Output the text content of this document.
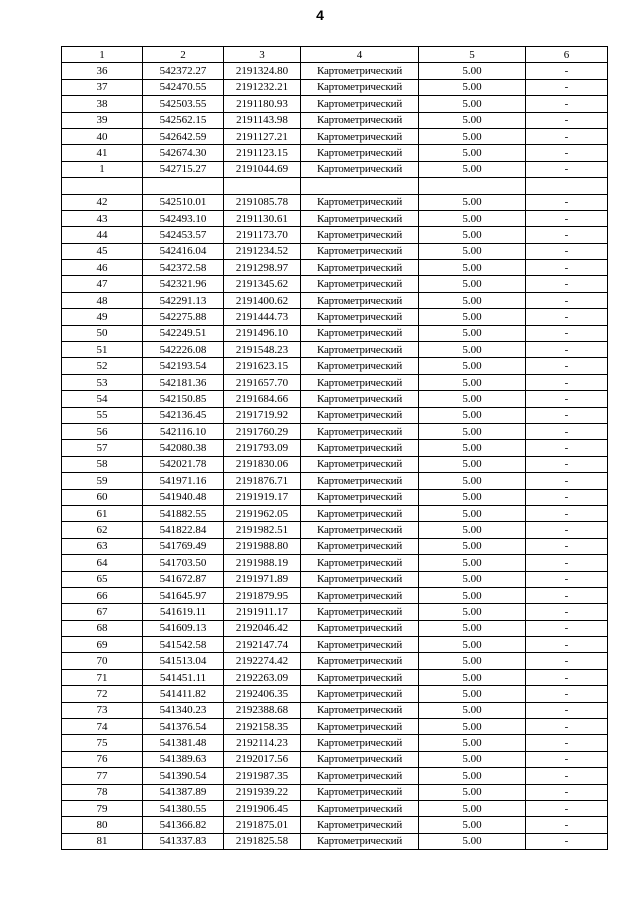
4
1	2	3	4	5	6
36	542372.27	2191324.80	Картометрический	5.00	-
37	542470.55	2191232.21	Картометрический	5.00	-
38	542503.55	2191180.93	Картометрический	5.00	-
39	542562.15	2191143.98	Картометрический	5.00	-
40	542642.59	2191127.21	Картометрический	5.00	-
41	542674.30	2191123.15	Картометрический	5.00	-
1	542715.27	2191044.69	Картометрический	5.00	-

42	542510.01	2191085.78	Картометрический	5.00	-
43	542493.10	2191130.61	Картометрический	5.00	-
44	542453.57	2191173.70	Картометрический	5.00	-
45	542416.04	2191234.52	Картометрический	5.00	-
46	542372.58	2191298.97	Картометрический	5.00	-
47	542321.96	2191345.62	Картометрический	5.00	-
48	542291.13	2191400.62	Картометрический	5.00	-
49	542275.88	2191444.73	Картометрический	5.00	-
50	542249.51	2191496.10	Картометрический	5.00	-
51	542226.08	2191548.23	Картометрический	5.00	-
52	542193.54	2191623.15	Картометрический	5.00	-
53	542181.36	2191657.70	Картометрический	5.00	-
54	542150.85	2191684.66	Картометрический	5.00	-
55	542136.45	2191719.92	Картометрический	5.00	-
56	542116.10	2191760.29	Картометрический	5.00	-
57	542080.38	2191793.09	Картометрический	5.00	-
58	542021.78	2191830.06	Картометрический	5.00	-
59	541971.16	2191876.71	Картометрический	5.00	-
60	541940.48	2191919.17	Картометрический	5.00	-
61	541882.55	2191962.05	Картометрический	5.00	-
62	541822.84	2191982.51	Картометрический	5.00	-
63	541769.49	2191988.80	Картометрический	5.00	-
64	541703.50	2191988.19	Картометрический	5.00	-
65	541672.87	2191971.89	Картометрический	5.00	-
66	541645.97	2191879.95	Картометрический	5.00	-
67	541619.11	2191911.17	Картометрический	5.00	-
68	541609.13	2192046.42	Картометрический	5.00	-
69	541542.58	2192147.74	Картометрический	5.00	-
70	541513.04	2192274.42	Картометрический	5.00	-
71	541451.11	2192263.09	Картометрический	5.00	-
72	541411.82	2192406.35	Картометрический	5.00	-
73	541340.23	2192388.68	Картометрический	5.00	-
74	541376.54	2192158.35	Картометрический	5.00	-
75	541381.48	2192114.23	Картометрический	5.00	-
76	541389.63	2192017.56	Картометрический	5.00	-
77	541390.54	2191987.35	Картометрический	5.00	-
78	541387.89	2191939.22	Картометрический	5.00	-
79	541380.55	2191906.45	Картометрический	5.00	-
80	541366.82	2191875.01	Картометрический	5.00	-
81	541337.83	2191825.58	Картометрический	5.00	-
